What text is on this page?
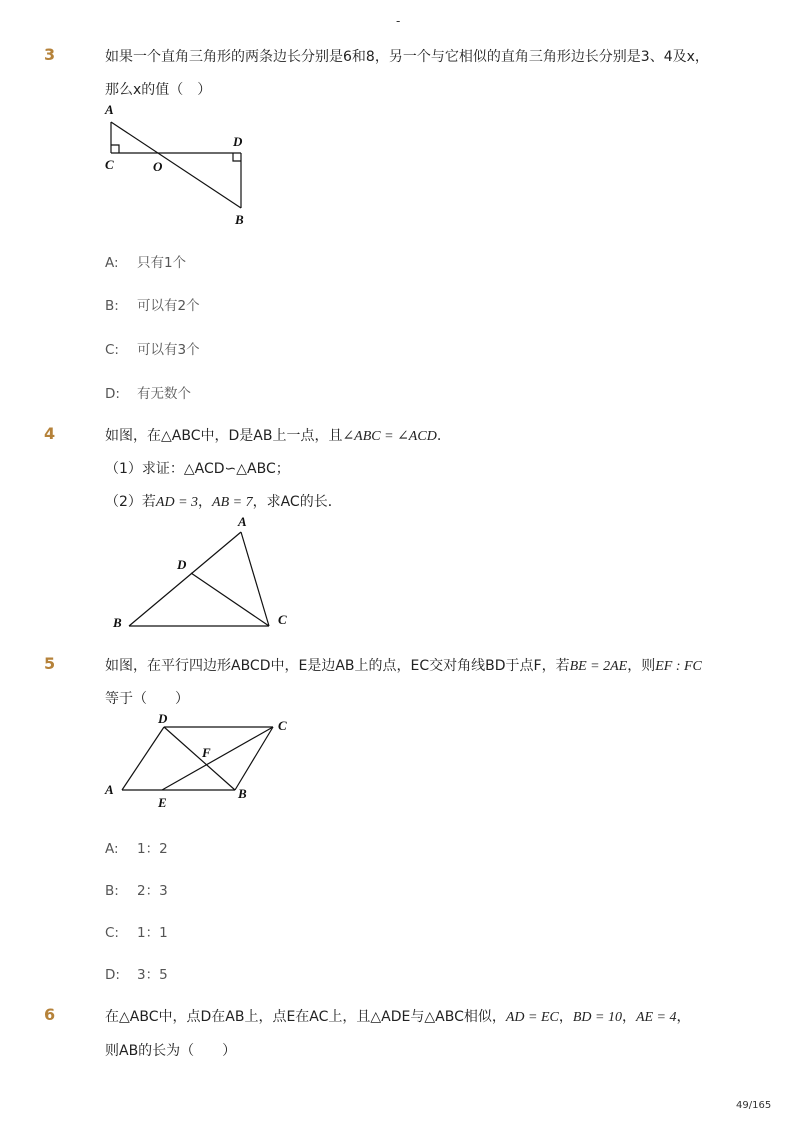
-
3	如果一个直角三角形的两条边长分别是6和8，另一个与它相似的直角三角形边长分别是3、4及x，
那么x的值（　）
A
C	O
D
B
A: 只有1个
B: 可以有2个
C: 可以有3个
D: 有无数个
4	如图，在△ABC中，D是AB上一点，且∠ABC = ∠ACD.
（1）求证：△ACD∽△ABC；
（2）若AD = 3，AB = 7，求AC的长．
A
D
B	C
5	如图，在平行四边形ABCD中，E是边AB上的点，EC交对角线BD于点F，若BE = 2AE，则EF : FC
等于（　　）
D	C
F
A
E
B
A: 1：2
B: 2：3
C: 1：1
D: 3：5
6	在△ABC中，点D在AB上，点E在AC上，且△ADE与△ABC相似，AD = EC，BD = 10，AE = 4，
则AB的长为（　　）
49/165
